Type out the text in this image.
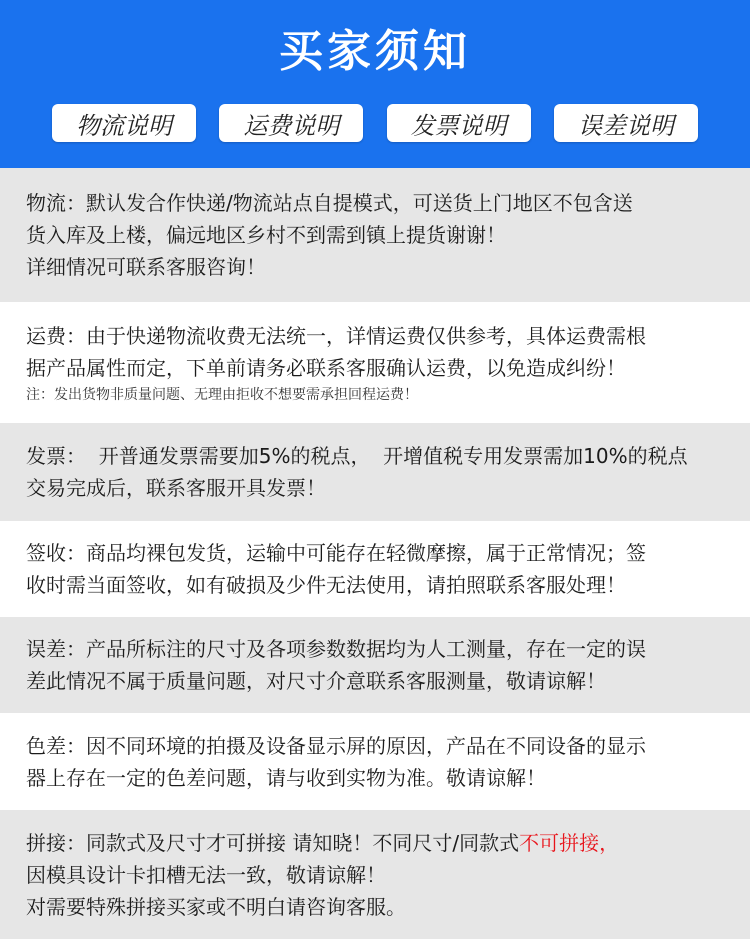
买家须知
物流说明	运费说明	发票说明	误差说明
物流：默认发合作快递/物流站点自提模式，可送货上门地区不包含送
货入库及上楼，偏远地区乡村不到需到镇上提货谢谢！
详细情况可联系客服咨询！
运费：由于快递物流收费无法统一，详情运费仅供参考，具体运费需根
据产品属性而定，下单前请务必联系客服确认运费，以免造成纠纷！
注：发出货物非质量问题、无理由拒收不想要需承担回程运费！
发票：  开普通发票需要加5%的税点，  开增值税专用发票需加10%的税点
交易完成后，联系客服开具发票！
签收：商品均裸包发货，运输中可能存在轻微摩擦，属于正常情况；签
收时需当面签收，如有破损及少件无法使用，请拍照联系客服处理！
误差：产品所标注的尺寸及各项参数数据均为人工测量，存在一定的误
差此情况不属于质量问题，对尺寸介意联系客服测量，敬请谅解！
色差：因不同环境的拍摄及设备显示屏的原因，产品在不同设备的显示
器上存在一定的色差问题，请与收到实物为准。敬请谅解！
拼接：同款式及尺寸才可拼接 请知晓！不同尺寸/同款式不可拼接，
因模具设计卡扣槽无法一致，敬请谅解！
对需要特殊拼接买家或不明白请咨询客服。
